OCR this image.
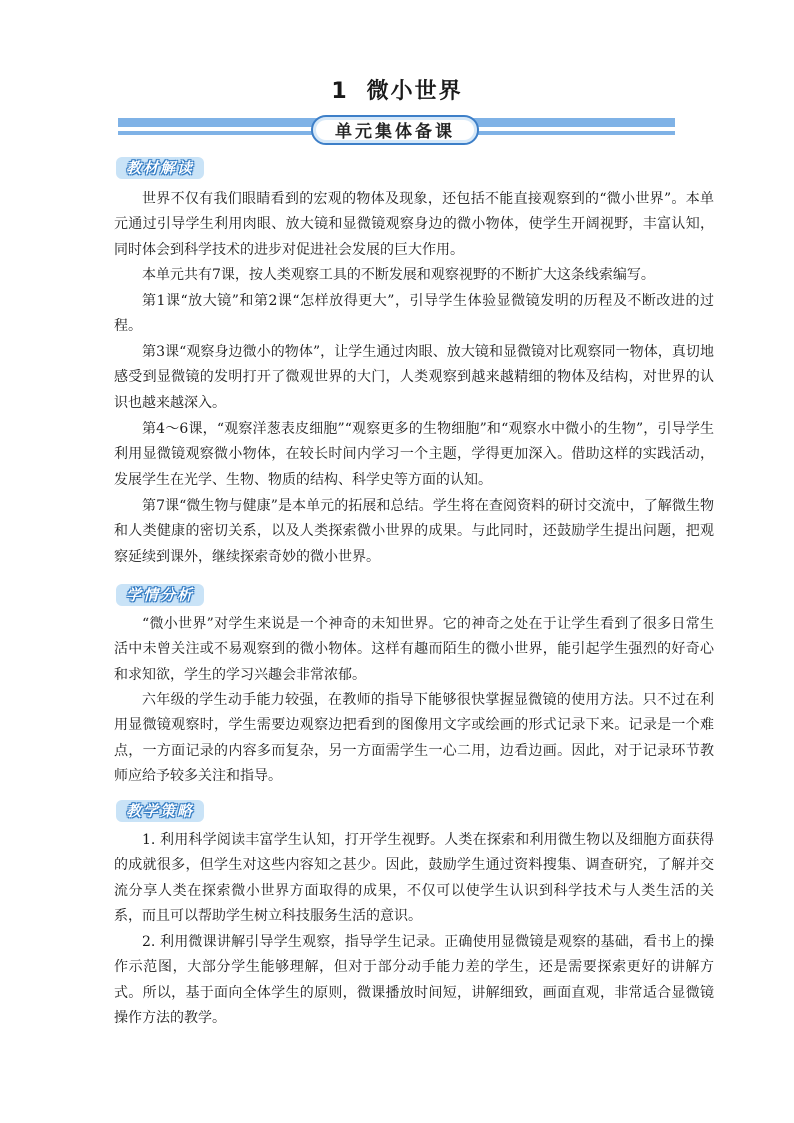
1 微小世界
单元集体备课
教材解读

世界不仅有我们眼睛看到的宏观的物体及现象，还包括不能直接观察到的“微小世界”。本单元通过引导学生利用肉眼、放大镜和显微镜观察身边的微小物体，使学生开阔视野，丰富认知，同时体会到科学技术的进步对促进社会发展的巨大作用。

本单元共有7课，按人类观察工具的不断发展和观察视野的不断扩大这条线索编写。

第1课“放大镜”和第2课“怎样放得更大”，引导学生体验显微镜发明的历程及不断改进的过程。

第3课“观察身边微小的物体”，让学生通过肉眼、放大镜和显微镜对比观察同一物体，真切地感受到显微镜的发明打开了微观世界的大门，人类观察到越来越精细的物体及结构，对世界的认识也越来越深入。

第4～6课，“观察洋葱表皮细胞”“观察更多的生物细胞”和“观察水中微小的生物”，引导学生利用显微镜观察微小物体，在较长时间内学习一个主题，学得更加深入。借助这样的实践活动，发展学生在光学、生物、物质的结构、科学史等方面的认知。

第7课“微生物与健康”是本单元的拓展和总结。学生将在查阅资料的研讨交流中，了解微生物和人类健康的密切关系，以及人类探索微小世界的成果。与此同时，还鼓励学生提出问题，把观察延续到课外，继续探索奇妙的微小世界。

学情分析

“微小世界”对学生来说是一个神奇的未知世界。它的神奇之处在于让学生看到了很多日常生活中未曾关注或不易观察到的微小物体。这样有趣而陌生的微小世界，能引起学生强烈的好奇心和求知欲，学生的学习兴趣会非常浓郁。

六年级的学生动手能力较强，在教师的指导下能够很快掌握显微镜的使用方法。只不过在利用显微镜观察时，学生需要边观察边把看到的图像用文字或绘画的形式记录下来。记录是一个难点，一方面记录的内容多而复杂，另一方面需学生一心二用，边看边画。因此，对于记录环节教师应给予较多关注和指导。

教学策略

1. 利用科学阅读丰富学生认知，打开学生视野。人类在探索和利用微生物以及细胞方面获得的成就很多，但学生对这些内容知之甚少。因此，鼓励学生通过资料搜集、调查研究，了解并交流分享人类在探索微小世界方面取得的成果，不仅可以使学生认识到科学技术与人类生活的关系，而且可以帮助学生树立科技服务生活的意识。

2. 利用微课讲解引导学生观察，指导学生记录。正确使用显微镜是观察的基础，看书上的操作示范图，大部分学生能够理解，但对于部分动手能力差的学生，还是需要探索更好的讲解方式。所以，基于面向全体学生的原则，微课播放时间短，讲解细致，画面直观，非常适合显微镜操作方法的教学。
